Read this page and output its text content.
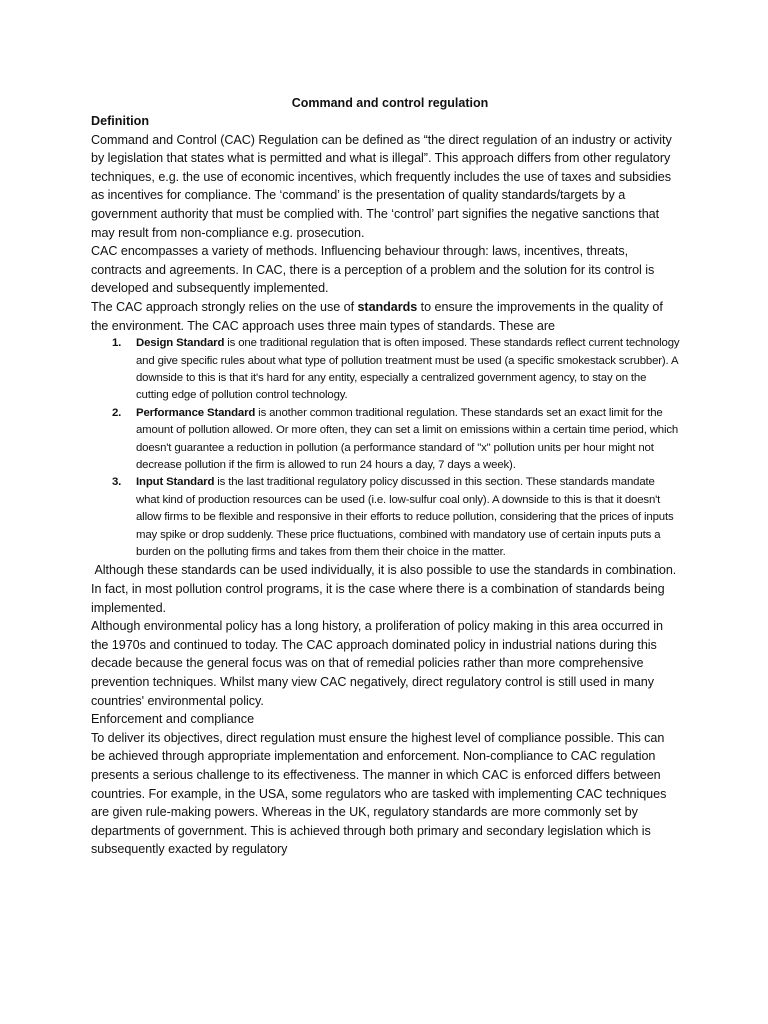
Command and control regulation

Definition

Command and Control (CAC) Regulation can be defined as “the direct regulation of an industry or activity by legislation that states what is permitted and what is illegal”. This approach differs from other regulatory techniques, e.g. the use of economic incentives, which frequently includes the use of taxes and subsidies as incentives for compliance. The ‘command’ is the presentation of quality standards/targets by a government authority that must be complied with. The ‘control’ part signifies the negative sanctions that may result from non-compliance e.g. prosecution.

CAC encompasses a variety of methods. Influencing behaviour through: laws, incentives, threats, contracts and agreements. In CAC, there is a perception of a problem and the solution for its control is developed and subsequently implemented.

The CAC approach strongly relies on the use of standards to ensure the improvements in the quality of the environment. The CAC approach uses three main types of standards. These are

1. Design Standard is one traditional regulation that is often imposed. These standards reflect current technology and give specific rules about what type of pollution treatment must be used (a specific smokestack scrubber). A downside to this is that it's hard for any entity, especially a centralized government agency, to stay on the cutting edge of pollution control technology.
2. Performance Standard is another common traditional regulation. These standards set an exact limit for the amount of pollution allowed. Or more often, they can set a limit on emissions within a certain time period, which doesn't guarantee a reduction in pollution (a performance standard of "x" pollution units per hour might not decrease pollution if the firm is allowed to run 24 hours a day, 7 days a week).
3. Input Standard is the last traditional regulatory policy discussed in this section. These standards mandate what kind of production resources can be used (i.e. low-sulfur coal only). A downside to this is that it doesn't allow firms to be flexible and responsive in their efforts to reduce pollution, considering that the prices of inputs may spike or drop suddenly. These price fluctuations, combined with mandatory use of certain inputs puts a burden on the polluting firms and takes from them their choice in the matter.

Although these standards can be used individually, it is also possible to use the standards in combination. In fact, in most pollution control programs, it is the case where there is a combination of standards being implemented.

Although environmental policy has a long history, a proliferation of policy making in this area occurred in the 1970s and continued to today. The CAC approach dominated policy in industrial nations during this decade because the general focus was on that of remedial policies rather than more comprehensive prevention techniques. Whilst many view CAC negatively, direct regulatory control is still used in many countries' environmental policy.

Enforcement and compliance

To deliver its objectives, direct regulation must ensure the highest level of compliance possible. This can be achieved through appropriate implementation and enforcement. Non-compliance to CAC regulation presents a serious challenge to its effectiveness. The manner in which CAC is enforced differs between countries. For example, in the USA, some regulators who are tasked with implementing CAC techniques are given rule-making powers. Whereas in the UK, regulatory standards are more commonly set by departments of government. This is achieved through both primary and secondary legislation which is subsequently exacted by regulatory
